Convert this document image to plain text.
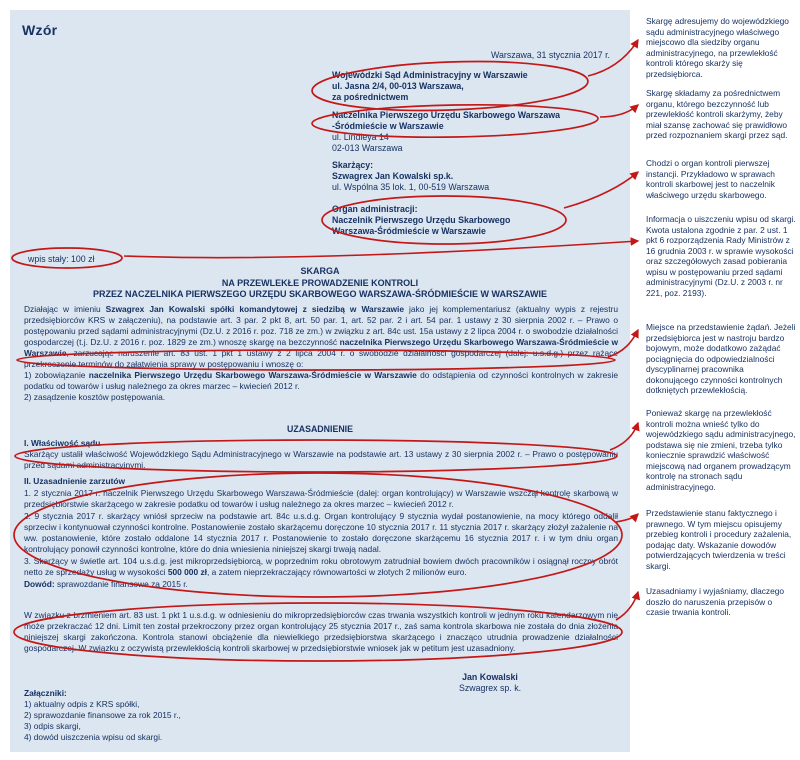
Wzór
Warszawa, 31 stycznia 2017 r.
Wojewódzki Sąd Administracyjny w Warszawie
ul. Jasna 2/4, 00-013 Warszawa,
za pośrednictwem
Naczelnika Pierwszego Urzędu Skarbowego Warszawa
-Śródmieście w Warszawie
ul. Lindleya 14
02-013 Warszawa
Skarżący:
Szwagrex Jan Kowalski sp.k.
ul. Wspólna 35 lok. 1, 00-519 Warszawa
Organ administracji:
Naczelnik Pierwszego Urzędu Skarbowego
Warszawa-Śródmieście w Warszawie
wpis stały: 100 zł
SKARGA
NA PRZEWLEKŁE PROWADZENIE KONTROLI
PRZEZ NACZELNIKA PIERWSZEGO URZĘDU SKARBOWEGO WARSZAWA-ŚRÓDMIEŚCIE W WARSZAWIE

Działając w imieniu Szwagrex Jan Kowalski spółki komandytowej z siedzibą w Warszawie jako jej komplementariusz (aktualny wypis z rejestru przedsiębiorców KRS w załączeniu), na podstawie art. 3 par. 2 pkt 8, art. 50 par. 1, art. 52 par. 2 i art. 54 par. 1 ustawy z 30 sierpnia 2002 r. – Prawo o postępowaniu przed sądami administracyjnymi (Dz.U. z 2016 r. poz. 718 ze zm.) w związku z art. 84c ust. 15a ustawy z 2 lipca 2004 r. o swobodzie działalności gospodarczej (t.j. Dz.U. z 2016 r. poz. 1829 ze zm.) wnoszę skargę na bezczynność naczelnika Pierwszego Urzędu Skarbowego Warszawa-Śródmieście w Warszawie, zarzucając naruszenie art. 83 ust. 1 pkt 1 ustawy z 2 lipca 2004 r. o swobodzie działalności gospodarczej (dalej: u.s.d.g.) przez rażące przekroczenie terminów do załatwienia sprawy w postępowaniu i wnoszę o:

1) zobowiązanie naczelnika Pierwszego Urzędu Skarbowego Warszawa-Śródmieście w Warszawie do odstąpienia od czynności kontrolnych w zakresie podatku od towarów i usług należnego za okres marzec – kwiecień 2012 r.

2) zasądzenie kosztów postępowania.

UZASADNIENIE
I. Właściwość sądu

Skarżący ustalił właściwość Wojewódzkiego Sądu Administracyjnego w Warszawie na podstawie art. 13 ustawy z 30 sierpnia 2002 r. – Prawo o postępowaniu przed sądami administracyjnymi.

II. Uzasadnienie zarzutów

1. 2 stycznia 2017 r. naczelnik Pierwszego Urzędu Skarbowego Warszawa-Śródmieście (dalej: organ kontrolujący) w Warszawie wszczął kontrolę skarbową w przedsiębiorstwie skarżącego w zakresie podatku od towarów i usług należnego za okres marzec – kwiecień 2012 r.

2. 9 stycznia 2017 r. skarżący wniósł sprzeciw na podstawie art. 84c u.s.d.g. Organ kontrolujący 9 stycznia wydał postanowienie, na mocy którego oddalił sprzeciw i kontynuował czynności kontrolne. Postanowienie zostało skarżącemu doręczone 10 stycznia 2017 r. 11 stycznia 2017 r. skarżący złożył zażalenie na ww. postanowienie, które zostało oddalone 14 stycznia 2017 r. Postanowienie to zostało doręczone skarżącemu 16 stycznia 2017 r. i w tym dniu organ kontrolujący ponowił czynności kontrolne, które do dnia wniesienia niniejszej skargi trwają nadal.

3. Skarżący w świetle art. 104 u.s.d.g. jest mikroprzedsiębiorcą, w poprzednim roku obrotowym zatrudniał bowiem dwóch pracowników i osiągnął roczny obrót netto ze sprzedaży usług w wysokości 500 000 zł, a zatem nieprzekraczający równowartości w złotych 2 milionów euro.

Dowód: sprawozdanie finansowe za 2015 r.

W związku z brzmieniem art. 83 ust. 1 pkt 1 u.s.d.g. w odniesieniu do mikroprzedsiębiorców czas trwania wszystkich kontroli w jednym roku kalendarzowym nie może przekraczać 12 dni. Limit ten został przekroczony przez organ kontrolujący 25 stycznia 2017 r., zaś sama kontrola skarbowa nie została do dnia złożenia niniejszej skargi zakończona. Kontrola stanowi obciążenie dla niewielkiego przedsiębiorstwa skarżącego i znacząco utrudnia prowadzenie działalności gospodarczej. W związku z oczywistą przewlekłością kontroli skarbowej w przedsiębiorstwie wniosek jak w petitum jest uzasadniony.

Jan Kowalski
Szwagrex sp. k.
Załączniki:
1) aktualny odpis z KRS spółki,
2) sprawozdanie finansowe za rok 2015 r.,
3) odpis skargi,
4) dowód uiszczenia wpisu od skargi.
Skargę adresujemy do wojewódzkiego sądu administracyjnego właściwego miejscowo dla siedziby organu administracyjnego, na przewlekłość kontroli którego skarży się przedsiębiorca.
Skargę składamy za pośrednictwem organu, którego bezczynność lub przewlekłość kontroli skarżymy, żeby miał szansę zachować się prawidłowo przed rozpoznaniem skargi przez sąd.
Chodzi o organ kontroli pierwszej instancji. Przykładowo w sprawach kontroli skarbowej jest to naczelnik właściwego urzędu skarbowego.
Informacja o uiszczeniu wpisu od skargi. Kwota ustalona zgodnie z par. 2 ust. 1 pkt 6 rozporządzenia Rady Ministrów z 16 grudnia 2003 r. w sprawie wysokości oraz szczegółowych zasad pobierania wpisu w postępowaniu przed sądami administracyjnymi (Dz.U. z 2003 r. nr 221, poz. 2193).
Miejsce na przedstawienie żądań. Jeżeli przedsiębiorca jest w nastroju bardzo bojowym, może dodatkowo zażądać pociągnięcia do odpowiedzialności dyscyplinarnej pracownika dokonującego czynności kontrolnych dotkniętych przewlekłością.
Ponieważ skargę na przewlekłość kontroli można wnieść tylko do wojewódzkiego sądu administracyjnego, podstawa się nie zmieni, trzeba tylko koniecznie sprawdzić właściwość miejscową nad organem prowadzącym kontrolę na stronach sądu administracyjnego.
Przedstawienie stanu faktycznego i prawnego. W tym miejscu opisujemy przebieg kontroli i procedury zażalenia, podając daty. Wskazanie dowodów potwierdzających twierdzenia w treści skargi.
Uzasadniamy i wyjaśniamy, dlaczego doszło do naruszenia przepisów o czasie trwania kontroli.
